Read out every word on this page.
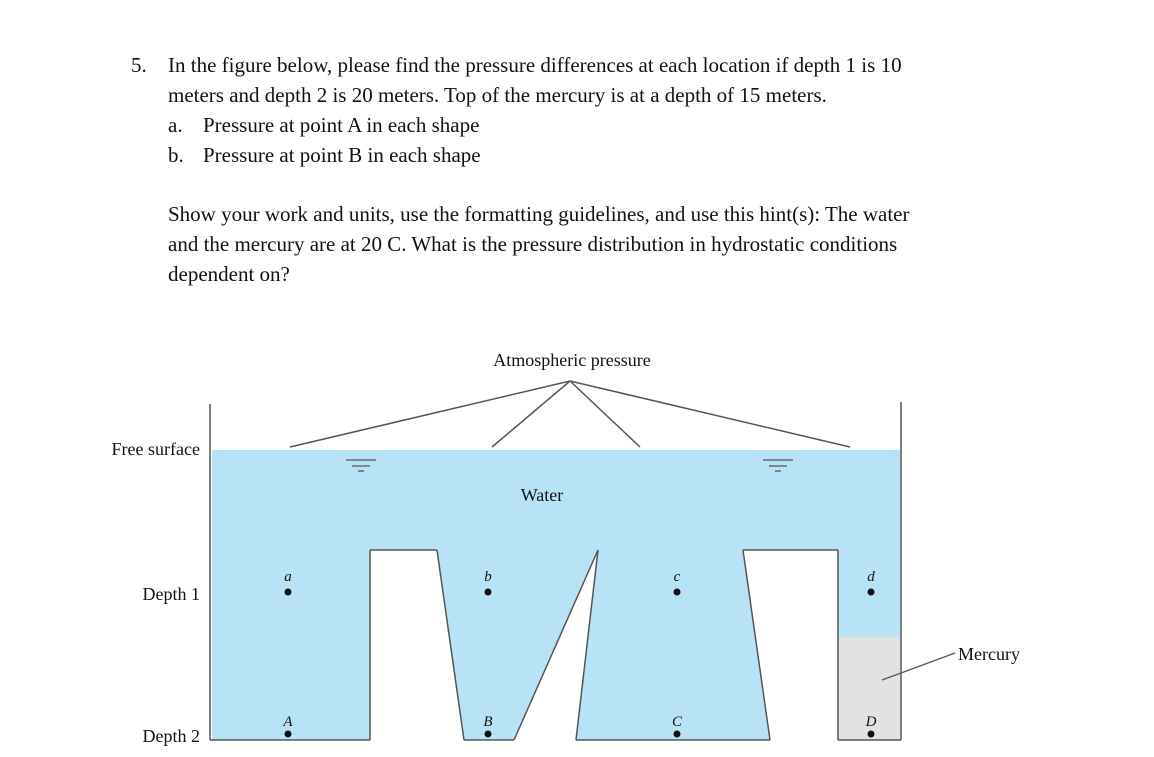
5. In the figure below, please find the pressure differences at each location if depth 1 is 10
meters and depth 2 is 20 meters. Top of the mercury is at a depth of 15 meters.
a. Pressure at point A in each shape
b. Pressure at point B in each shape
Show your work and units, use the formatting guidelines, and use this hint(s): The water
and the mercury are at 20 C. What is the pressure distribution in hydrostatic conditions
dependent on?
Atmospheric pressure
Free surface
Depth 1
Depth 2
Water
Mercury
a	b	c	d
A	B	C	D
